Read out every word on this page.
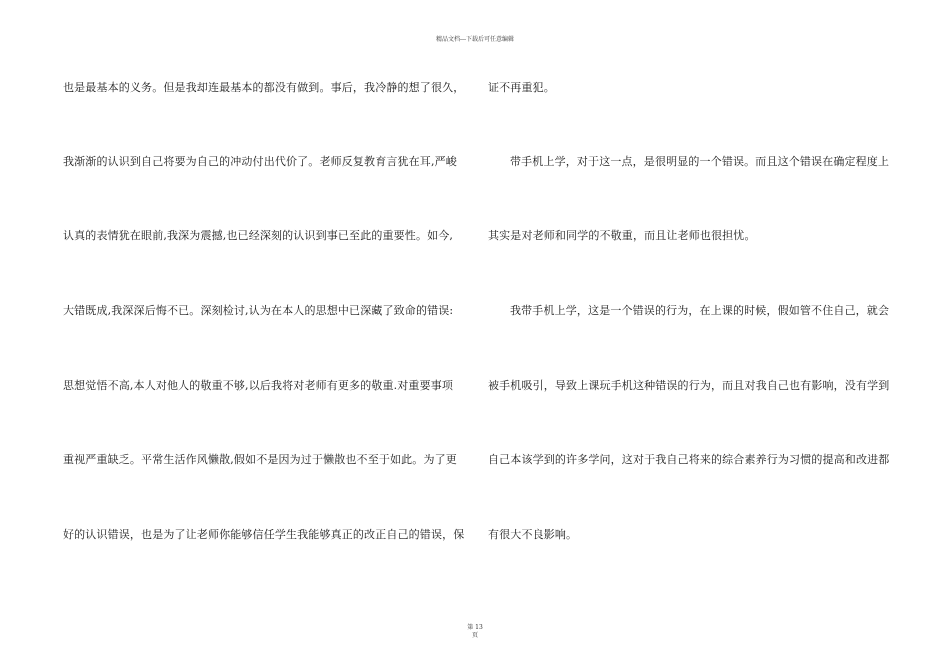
精品文档---下载后可任意编辑
也是最基本的义务。但是我却连最基本的都没有做到。事后，我冷静的想了很久，
我渐渐的认识到自己将要为自己的冲动付出代价了。老师反复教育言犹在耳,严峻
认真的表情犹在眼前,我深为震撼,也已经深刻的认识到事已至此的重要性。如今,
大错既成,我深深后悔不已。深刻检讨,认为在本人的思想中已深藏了致命的错误:
思想觉悟不高,本人对他人的敬重不够,以后我将对老师有更多的敬重.对重要事项
重视严重缺乏。平常生活作风懒散,假如不是因为过于懒散也不至于如此。为了更
好的认识错误，也是为了让老师你能够信任学生我能够真正的改正自己的错误，保
证不再重犯。
带手机上学，对于这一点，是很明显的一个错误。而且这个错误在确定程度上
其实是对老师和同学的不敬重，而且让老师也很担忧。
我带手机上学，这是一个错误的行为，在上课的时候，假如管不住自己，就会
被手机吸引，导致上课玩手机这种错误的行为，而且对我自己也有影响，没有学到
自己本该学到的许多学问，这对于我自己将来的综合素养行为习惯的提高和改进都
有很大不良影响。
第 13
页
